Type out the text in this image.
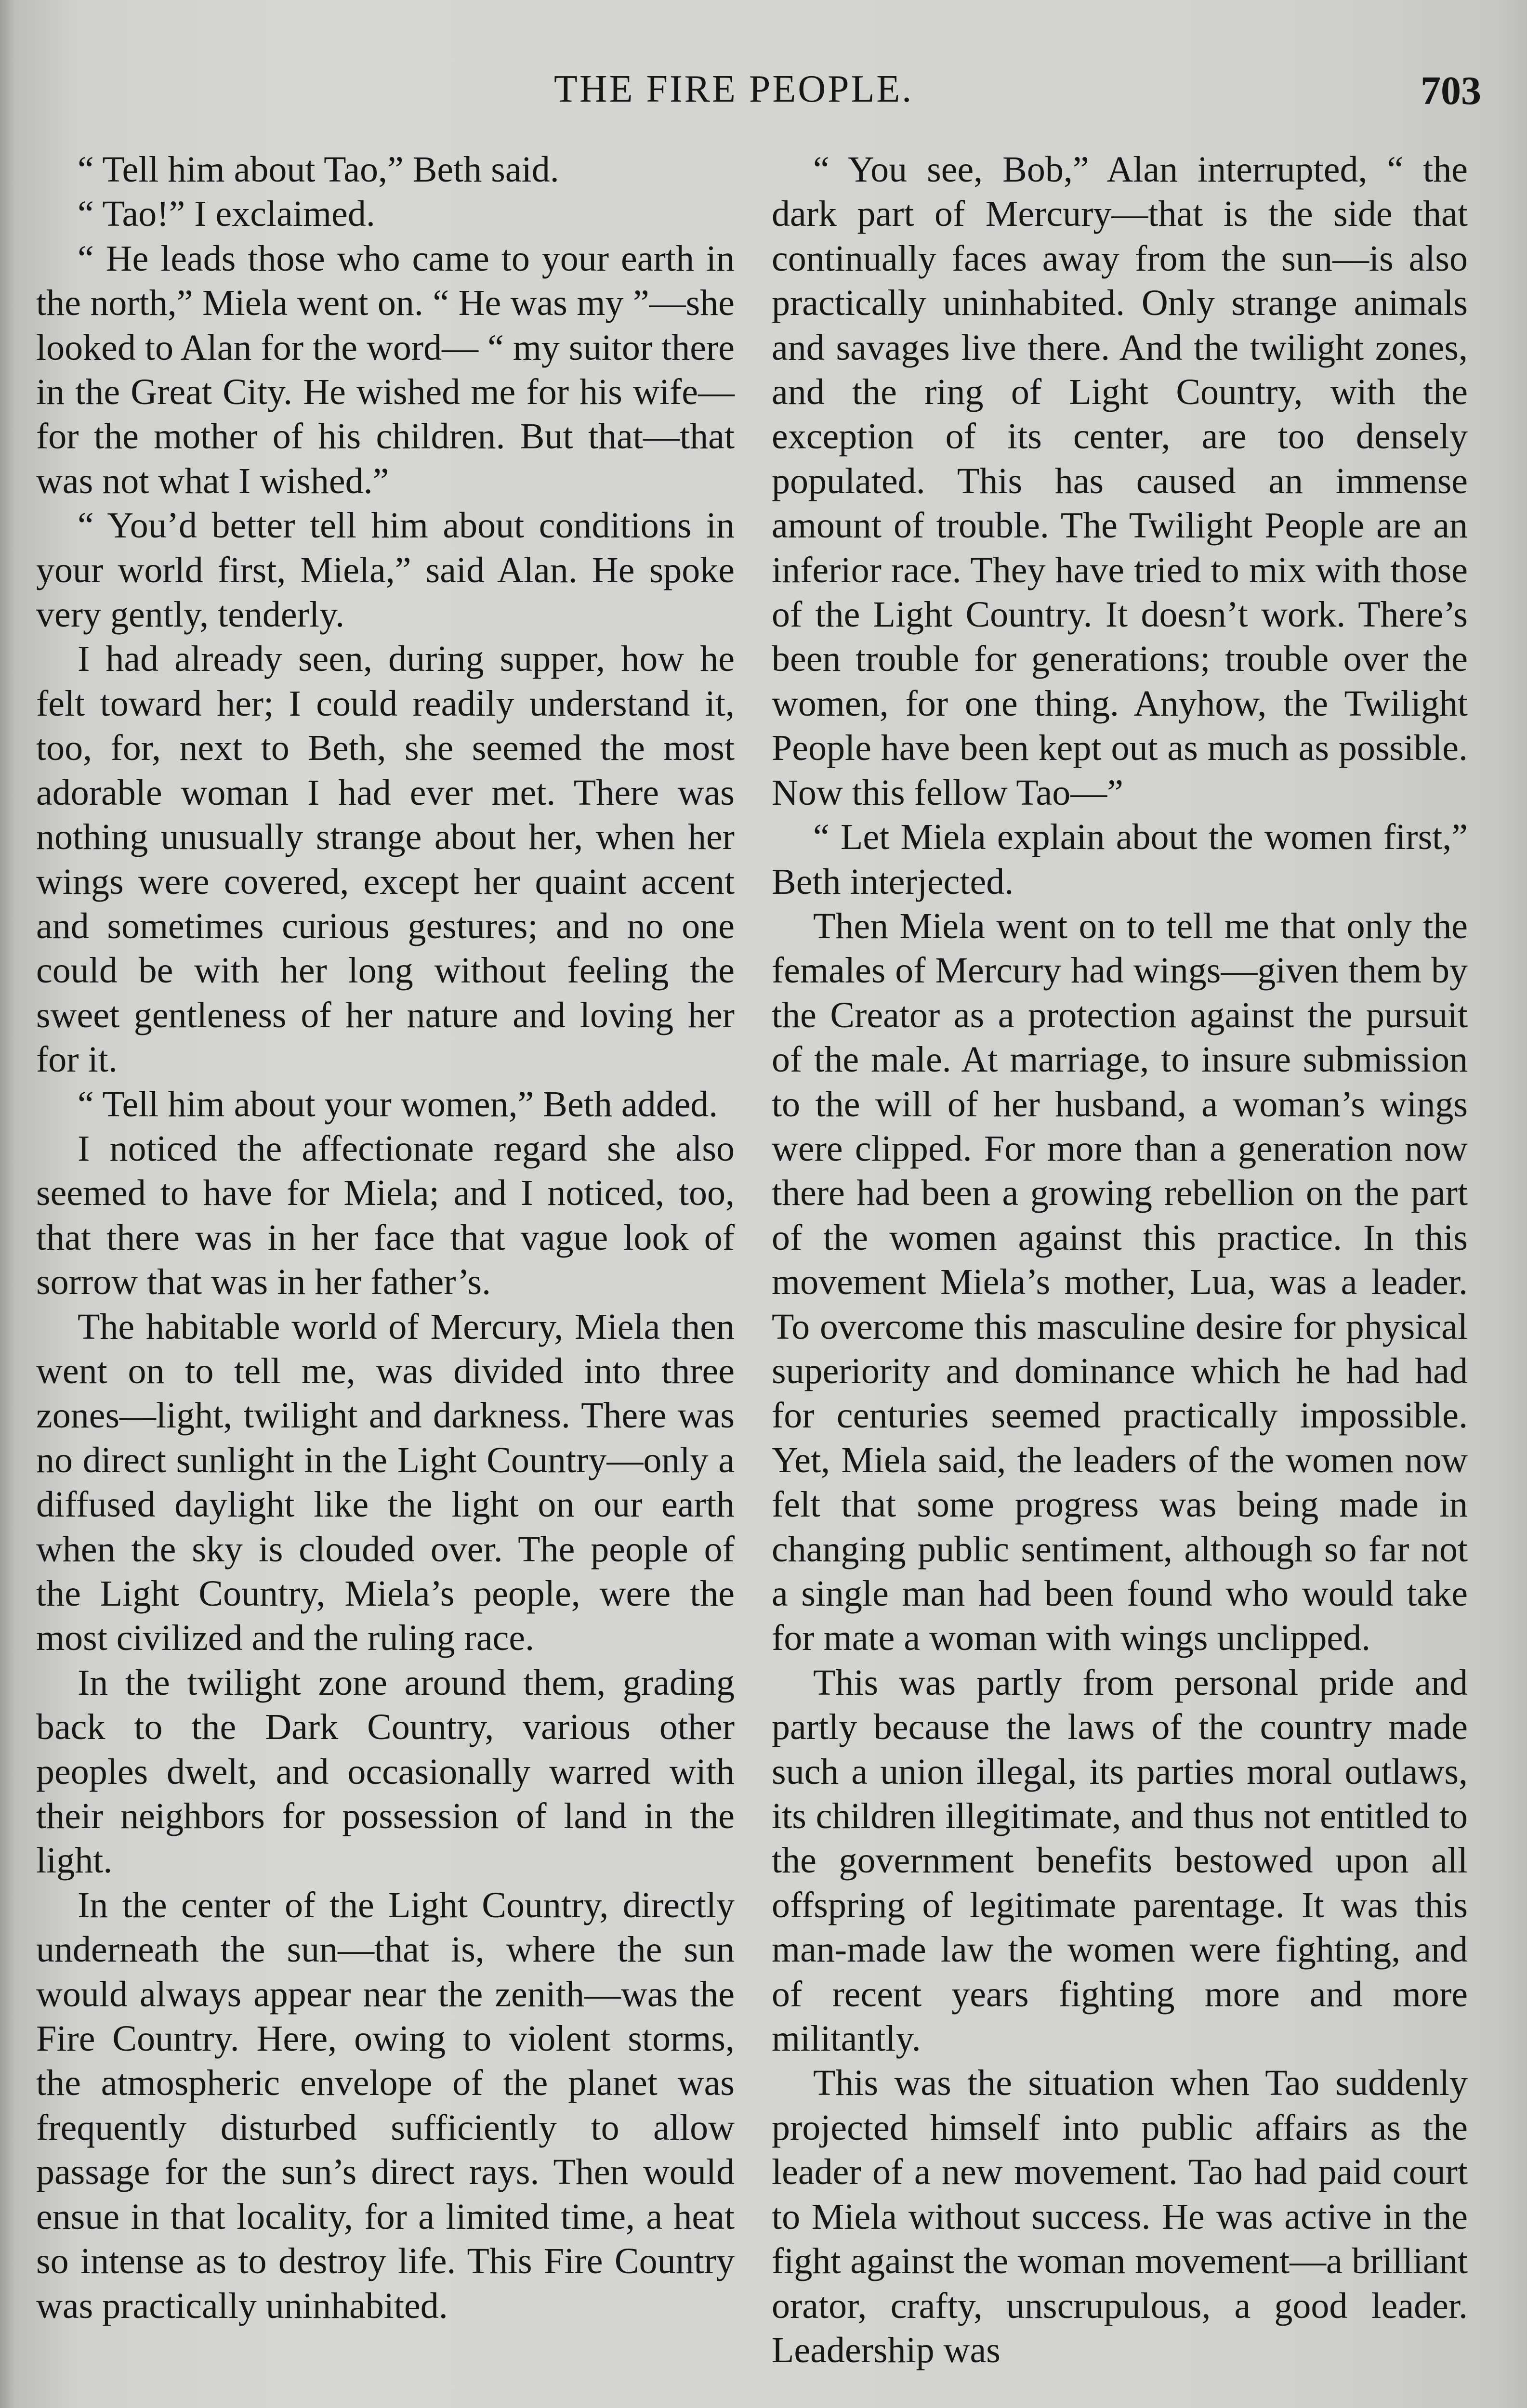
THE FIRE PEOPLE.	703

“ Tell him about Tao,” Beth said.

“ Tao!” I exclaimed.

“ He leads those who came to your earth in the north,” Miela went on. “ He was my ”—she looked to Alan for the word— “ my suitor there in the Great City. He wished me for his wife—for the mother of his children. But that—that was not what I wished.”

“ You’d better tell him about conditions in your world first, Miela,” said Alan. He spoke very gently, tenderly.

I had already seen, during supper, how he felt toward her; I could readily understand it, too, for, next to Beth, she seemed the most adorable woman I had ever met. There was nothing unusually strange about her, when her wings were covered, except her quaint accent and sometimes curious gestures; and no one could be with her long without feeling the sweet gentleness of her nature and loving her for it.

“ Tell him about your women,” Beth added.

I noticed the affectionate regard she also seemed to have for Miela; and I noticed, too, that there was in her face that vague look of sorrow that was in her father’s.

The habitable world of Mercury, Miela then went on to tell me, was divided into three zones—light, twilight and darkness. There was no direct sunlight in the Light Country—only a diffused daylight like the light on our earth when the sky is clouded over. The people of the Light Country, Miela’s people, were the most civilized and the ruling race.

In the twilight zone around them, grading back to the Dark Country, various other peoples dwelt, and occasionally warred with their neighbors for possession of land in the light.

In the center of the Light Country, directly underneath the sun—that is, where the sun would always appear near the zenith—was the Fire Country. Here, owing to violent storms, the atmospheric envelope of the planet was frequently disturbed sufficiently to allow passage for the sun’s direct rays. Then would ensue in that locality, for a limited time, a heat so intense as to destroy life. This Fire Country was practically uninhabited.

“ You see, Bob,” Alan interrupted, “ the dark part of Mercury—that is the side that continually faces away from the sun—is also practically uninhabited. Only strange animals and savages live there. And the twilight zones, and the ring of Light Country, with the exception of its center, are too densely populated. This has caused an immense amount of trouble. The Twilight People are an inferior race. They have tried to mix with those of the Light Country. It doesn’t work. There’s been trouble for generations; trouble over the women, for one thing. Anyhow, the Twilight People have been kept out as much as possible. Now this fellow Tao—”

“ Let Miela explain about the women first,” Beth interjected.

Then Miela went on to tell me that only the females of Mercury had wings—given them by the Creator as a protection against the pursuit of the male. At marriage, to insure submission to the will of her husband, a woman’s wings were clipped. For more than a generation now there had been a growing rebellion on the part of the women against this practice. In this movement Miela’s mother, Lua, was a leader. To overcome this masculine desire for physical superiority and dominance which he had had for centuries seemed practically impossible. Yet, Miela said, the leaders of the women now felt that some progress was being made in changing public sentiment, although so far not a single man had been found who would take for mate a woman with wings unclipped.

This was partly from personal pride and partly because the laws of the country made such a union illegal, its parties moral outlaws, its children illegitimate, and thus not entitled to the government benefits bestowed upon all offspring of legitimate parentage. It was this man-made law the women were fighting, and of recent years fighting more and more militantly.

This was the situation when Tao suddenly projected himself into public affairs as the leader of a new movement. Tao had paid court to Miela without success. He was active in the fight against the woman movement—a brilliant orator, crafty, unscrupulous, a good leader. Leadership was
